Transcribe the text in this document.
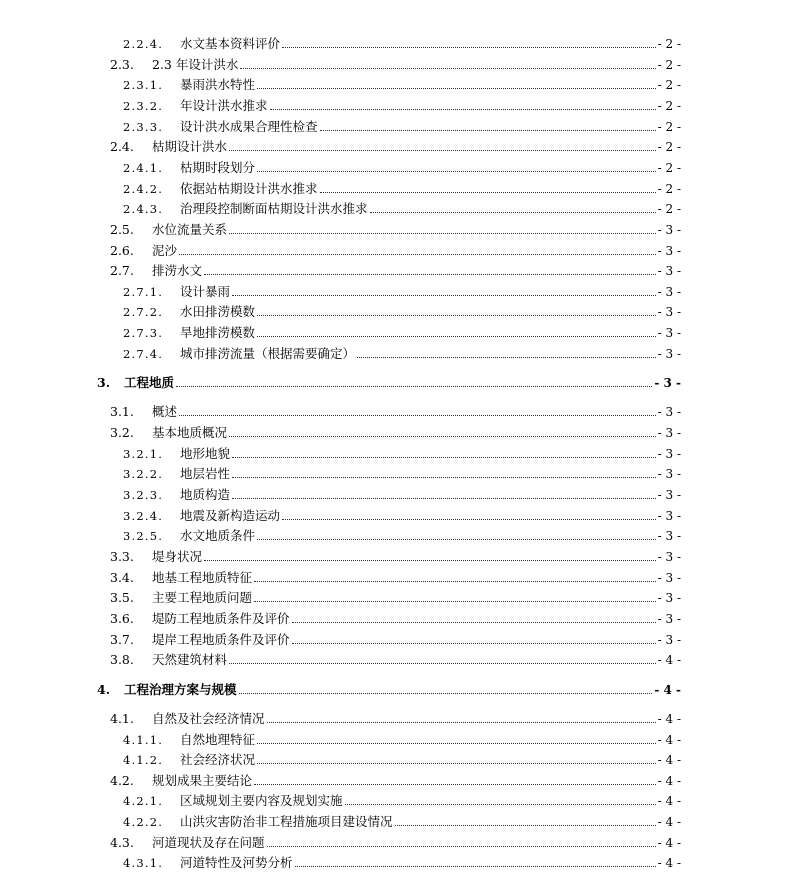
2.2.4.	水文基本资料评价	- 2 -
2.3.	2.3 年设计洪水	- 2 -
2.3.1.	暴雨洪水特性	- 2 -
2.3.2.	年设计洪水推求	- 2 -
2.3.3.	设计洪水成果合理性检查	- 2 -
2.4.	枯期设计洪水	- 2 -
2.4.1.	枯期时段划分	- 2 -
2.4.2.	依据站枯期设计洪水推求	- 2 -
2.4.3.	治理段控制断面枯期设计洪水推求	- 2 -
2.5.	水位流量关系	- 3 -
2.6.	泥沙	- 3 -
2.7.	排涝水文	- 3 -
2.7.1.	设计暴雨	- 3 -
2.7.2.	水田排涝模数	- 3 -
2.7.3.	旱地排涝模数	- 3 -
2.7.4.	城市排涝流量（根据需要确定）	- 3 -
3.	工程地质	- 3 -
3.1.	概述	- 3 -
3.2.	基本地质概况	- 3 -
3.2.1.	地形地貌	- 3 -
3.2.2.	地层岩性	- 3 -
3.2.3.	地质构造	- 3 -
3.2.4.	地震及新构造运动	- 3 -
3.2.5.	水文地质条件	- 3 -
3.3.	堤身状况	- 3 -
3.4.	地基工程地质特征	- 3 -
3.5.	主要工程地质问题	- 3 -
3.6.	堤防工程地质条件及评价	- 3 -
3.7.	堤岸工程地质条件及评价	- 3 -
3.8.	天然建筑材料	- 4 -
4.	工程治理方案与规模	- 4 -
4.1.	自然及社会经济情况	- 4 -
4.1.1.	自然地理特征	- 4 -
4.1.2.	社会经济状况	- 4 -
4.2.	规划成果主要结论	- 4 -
4.2.1.	区域规划主要内容及规划实施	- 4 -
4.2.2.	山洪灾害防治非工程措施项目建设情况	- 4 -
4.3.	河道现状及存在问题	- 4 -
4.3.1.	河道特性及河势分析	- 4 -
